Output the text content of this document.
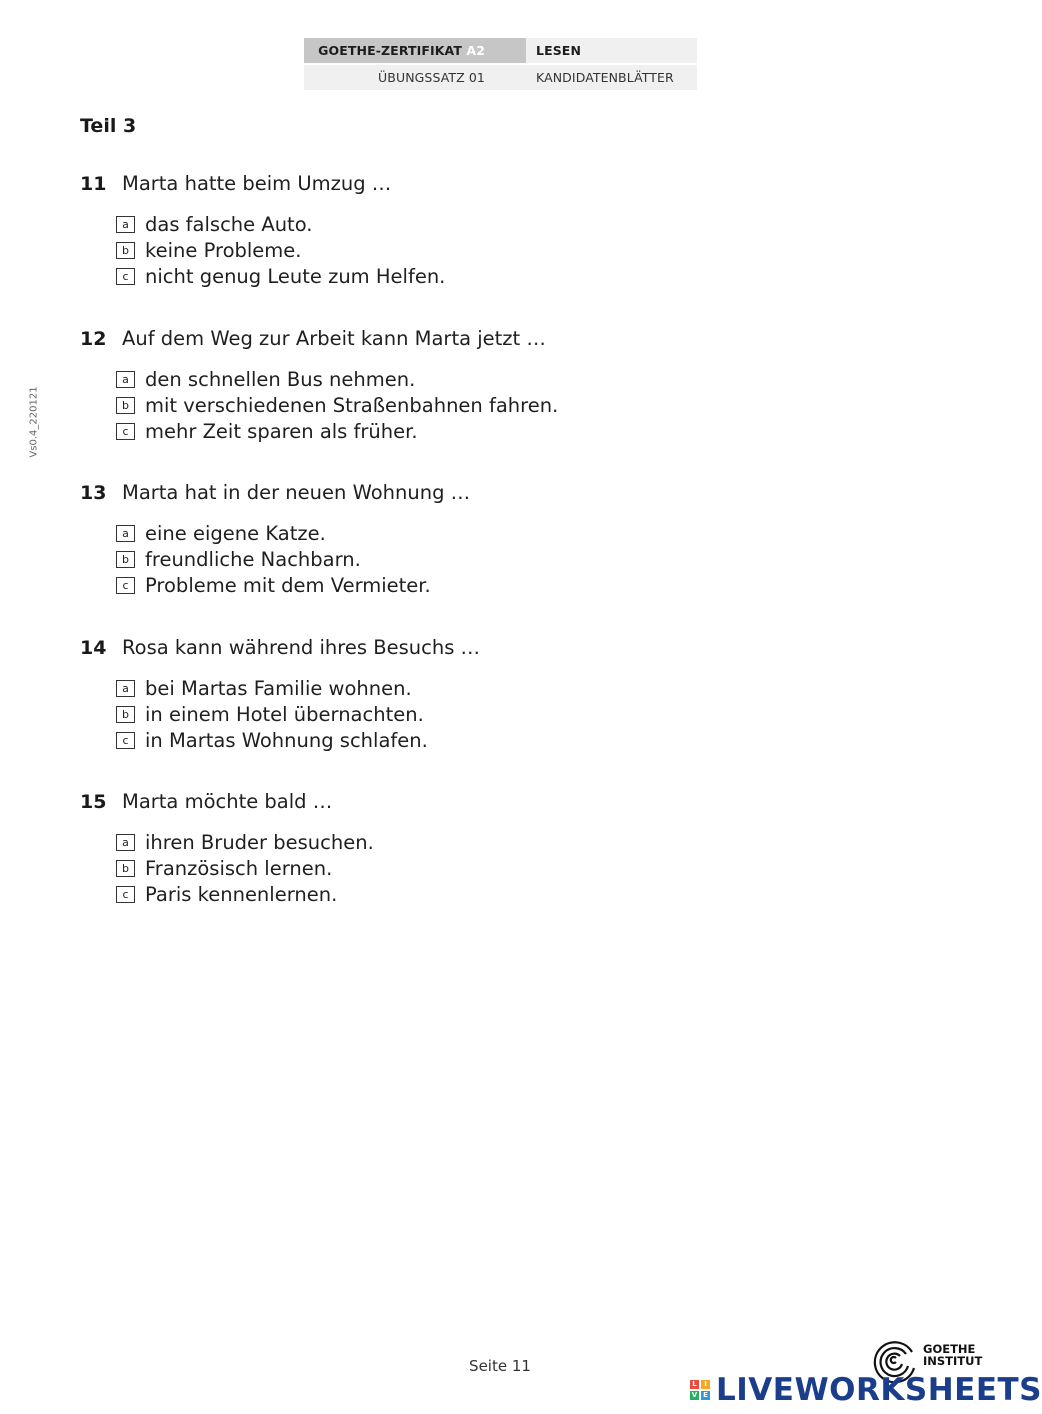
GOETHE-ZERTIFIKAT A2	LESEN
ÜBUNGSSATZ 01	KANDIDATENBLÄTTER
Teil 3
Vs0.4_220121
11 Marta hatte beim Umzug …
a das falsche Auto.
b keine Probleme.
c nicht genug Leute zum Helfen.
12 Auf dem Weg zur Arbeit kann Marta jetzt …
a den schnellen Bus nehmen.
b mit verschiedenen Straßenbahnen fahren.
c mehr Zeit sparen als früher.
13 Marta hat in der neuen Wohnung …
a eine eigene Katze.
b freundliche Nachbarn.
c Probleme mit dem Vermieter.
14 Rosa kann während ihres Besuchs …
a bei Martas Familie wohnen.
b in einem Hotel übernachten.
c in Martas Wohnung schlafen.
15 Marta möchte bald …
a ihren Bruder besuchen.
b Französisch lernen.
c Paris kennenlernen.
Seite 11
GOETHE
INSTITUT
L	I
V E LIVEWORKSHEETS
